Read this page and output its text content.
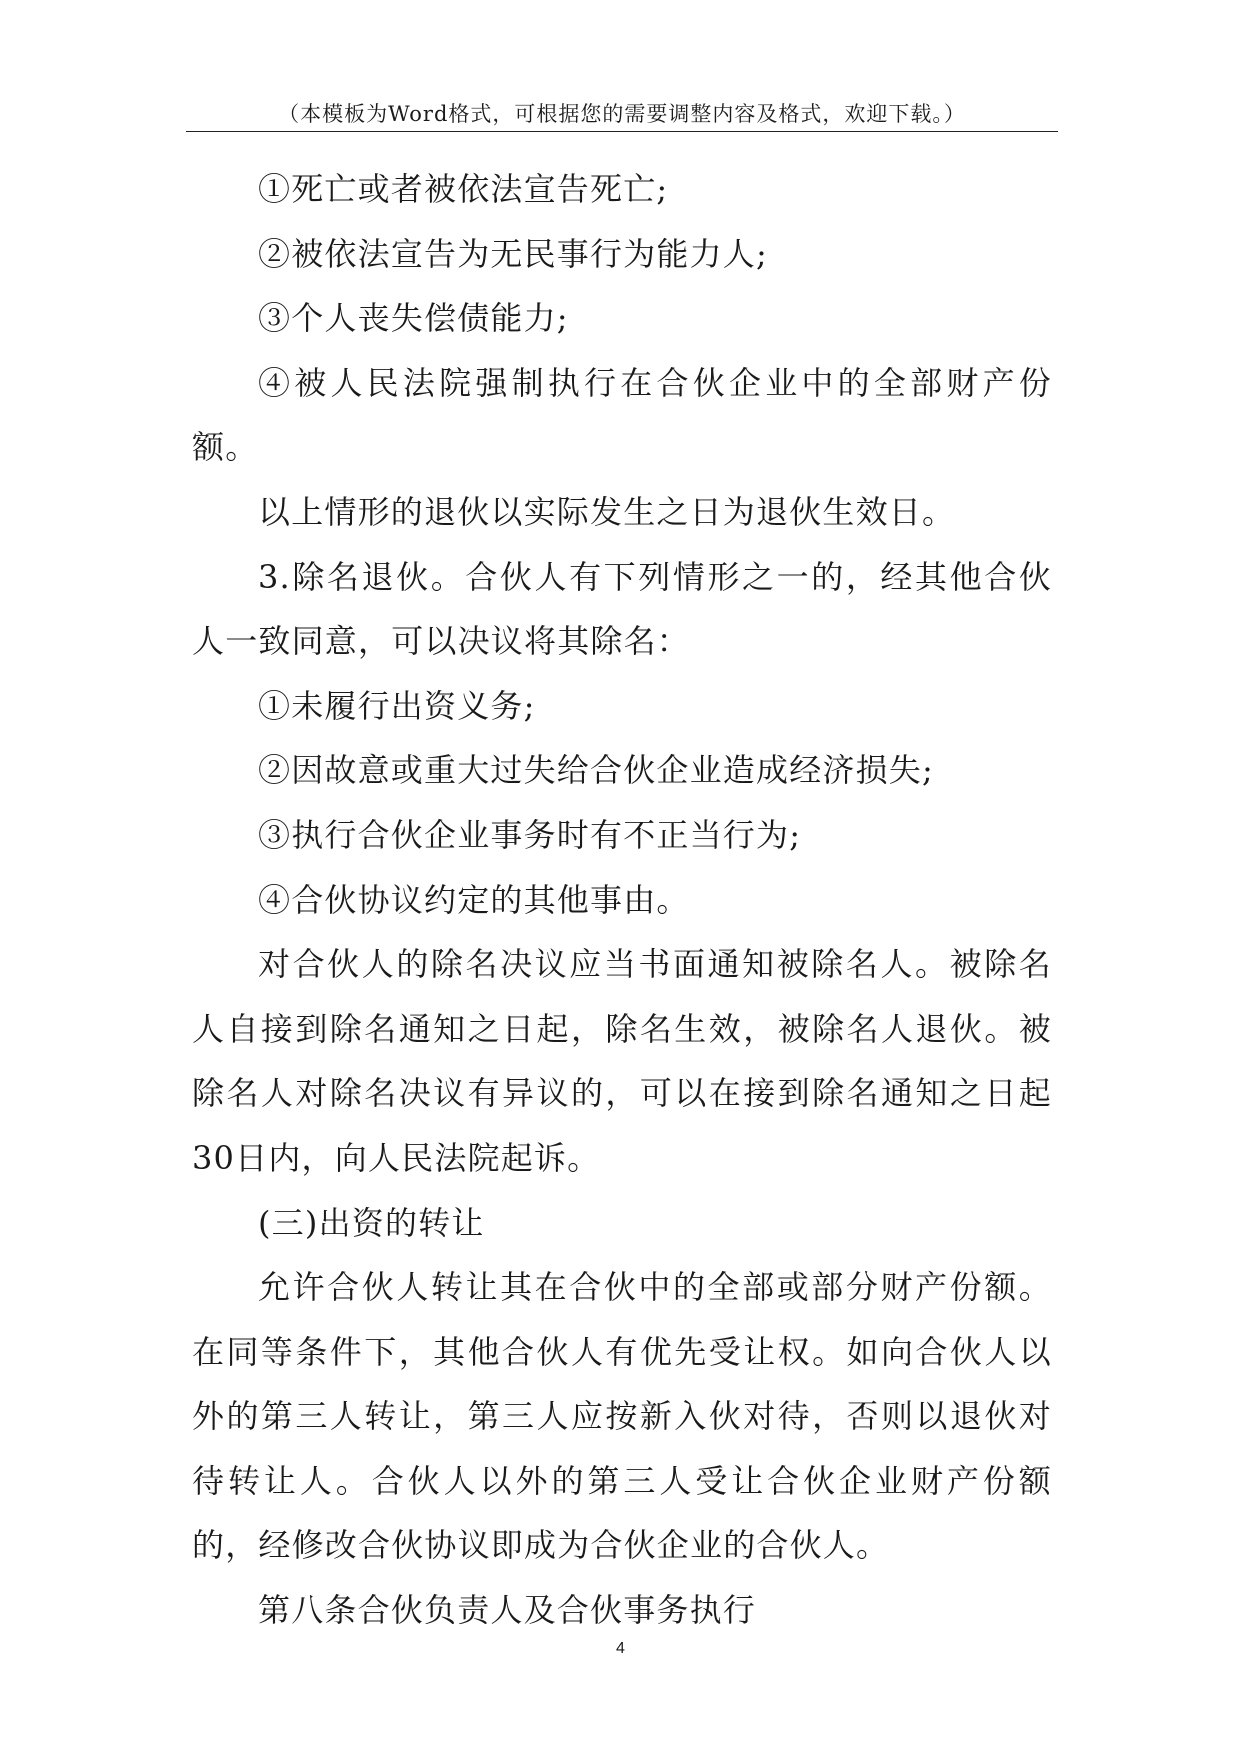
（本模板为Word格式，可根据您的需要调整内容及格式，欢迎下载。）

①死亡或者被依法宣告死亡;

②被依法宣告为无民事行为能力人;

③个人丧失偿债能力;

④被人民法院强制执行在合伙企业中的全部财产份额。

以上情形的退伙以实际发生之日为退伙生效日。

3.除名退伙。合伙人有下列情形之一的，经其他合伙人一致同意，可以决议将其除名：

①未履行出资义务;

②因故意或重大过失给合伙企业造成经济损失;

③执行合伙企业事务时有不正当行为;

④合伙协议约定的其他事由。

对合伙人的除名决议应当书面通知被除名人。被除名人自接到除名通知之日起，除名生效，被除名人退伙。被除名人对除名决议有异议的，可以在接到除名通知之日起30日内，向人民法院起诉。

(三)出资的转让

允许合伙人转让其在合伙中的全部或部分财产份额。在同等条件下，其他合伙人有优先受让权。如向合伙人以外的第三人转让，第三人应按新入伙对待，否则以退伙对待转让人。合伙人以外的第三人受让合伙企业财产份额的，经修改合伙协议即成为合伙企业的合伙人。

第八条合伙负责人及合伙事务执行

4
